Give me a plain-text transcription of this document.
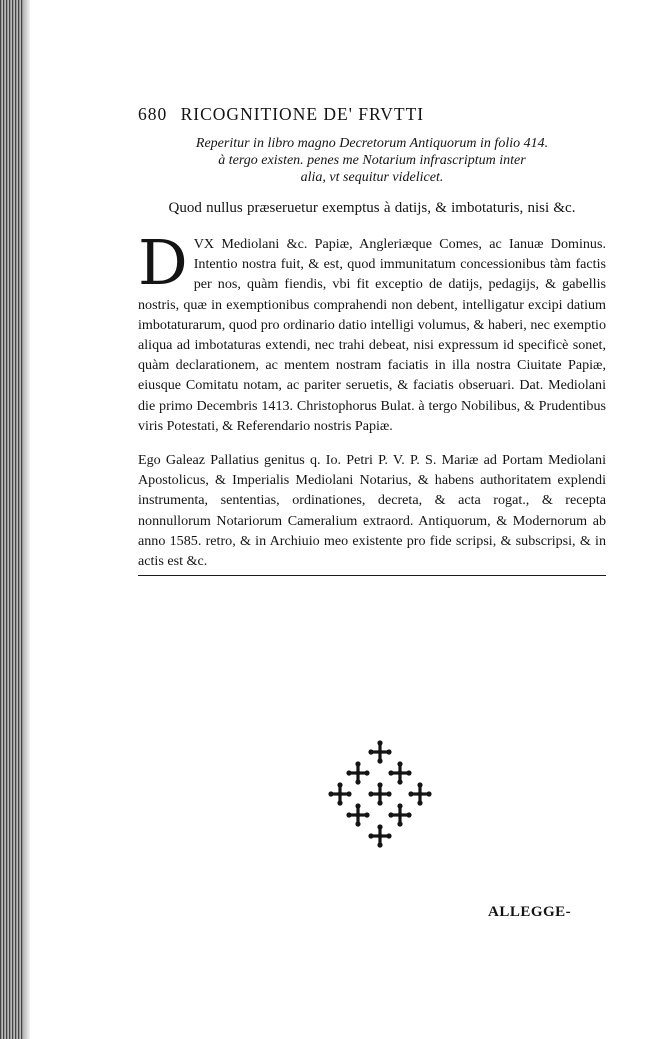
680 RICOGNITIONE DE' FRVTTI
Reperitur in libro magno Decretorum Antiquorum in folio 414.
à tergo existen. penes me Notarium infrascriptum inter
alia, vt sequitur videlicet.
Quod nullus præseruetur exemptus à datijs, & imbotaturis, nisi &c.
D VX Mediolani &c. Papiæ, Angleriæque Comes, ac Ianuæ Dominus. Intentio nostra fuit, & est, quod immunitatum concessionibus tàm factis per nos, quàm fiendis, vbi fit exceptio de datijs, pedagijs, & gabellis nostris, quæ in exemptionibus comprahendi non debent, intelligatur excipi datium imbotaturarum, quod pro ordinario datio intelligi volumus, & haberi, nec exemptio aliqua ad imbotaturas extendi, nec trahi debeat, nisi expressum id specificè sonet, quàm declarationem, ac mentem nostram faciatis in illa nostra Ciuitate Papiæ, eiusque Comitatu notam, ac pariter seruetis, & faciatis obseruari. Dat. Mediolani die primo Decembris 1413. Christophorus Bulat. à tergo Nobilibus, & Prudentibus viris Potestati, & Referendario nostris Papiæ.
Ego Galeaz Pallatius genitus q. Io. Petri P. V. P. S. Mariæ ad Portam Mediolani Apostolicus, & Imperialis Mediolani Notarius, & habens authoritatem explendi instrumenta, sententias, ordinationes, decreta, & acta rogat., & recepta nonnullorum Notariorum Cameralium extraord. Antiquorum, & Modernorum ab anno 1585. retro, & in Archiuio meo existente pro fide scripsi, & subscripsi, & in actis est &c.
ALLEGGE-
